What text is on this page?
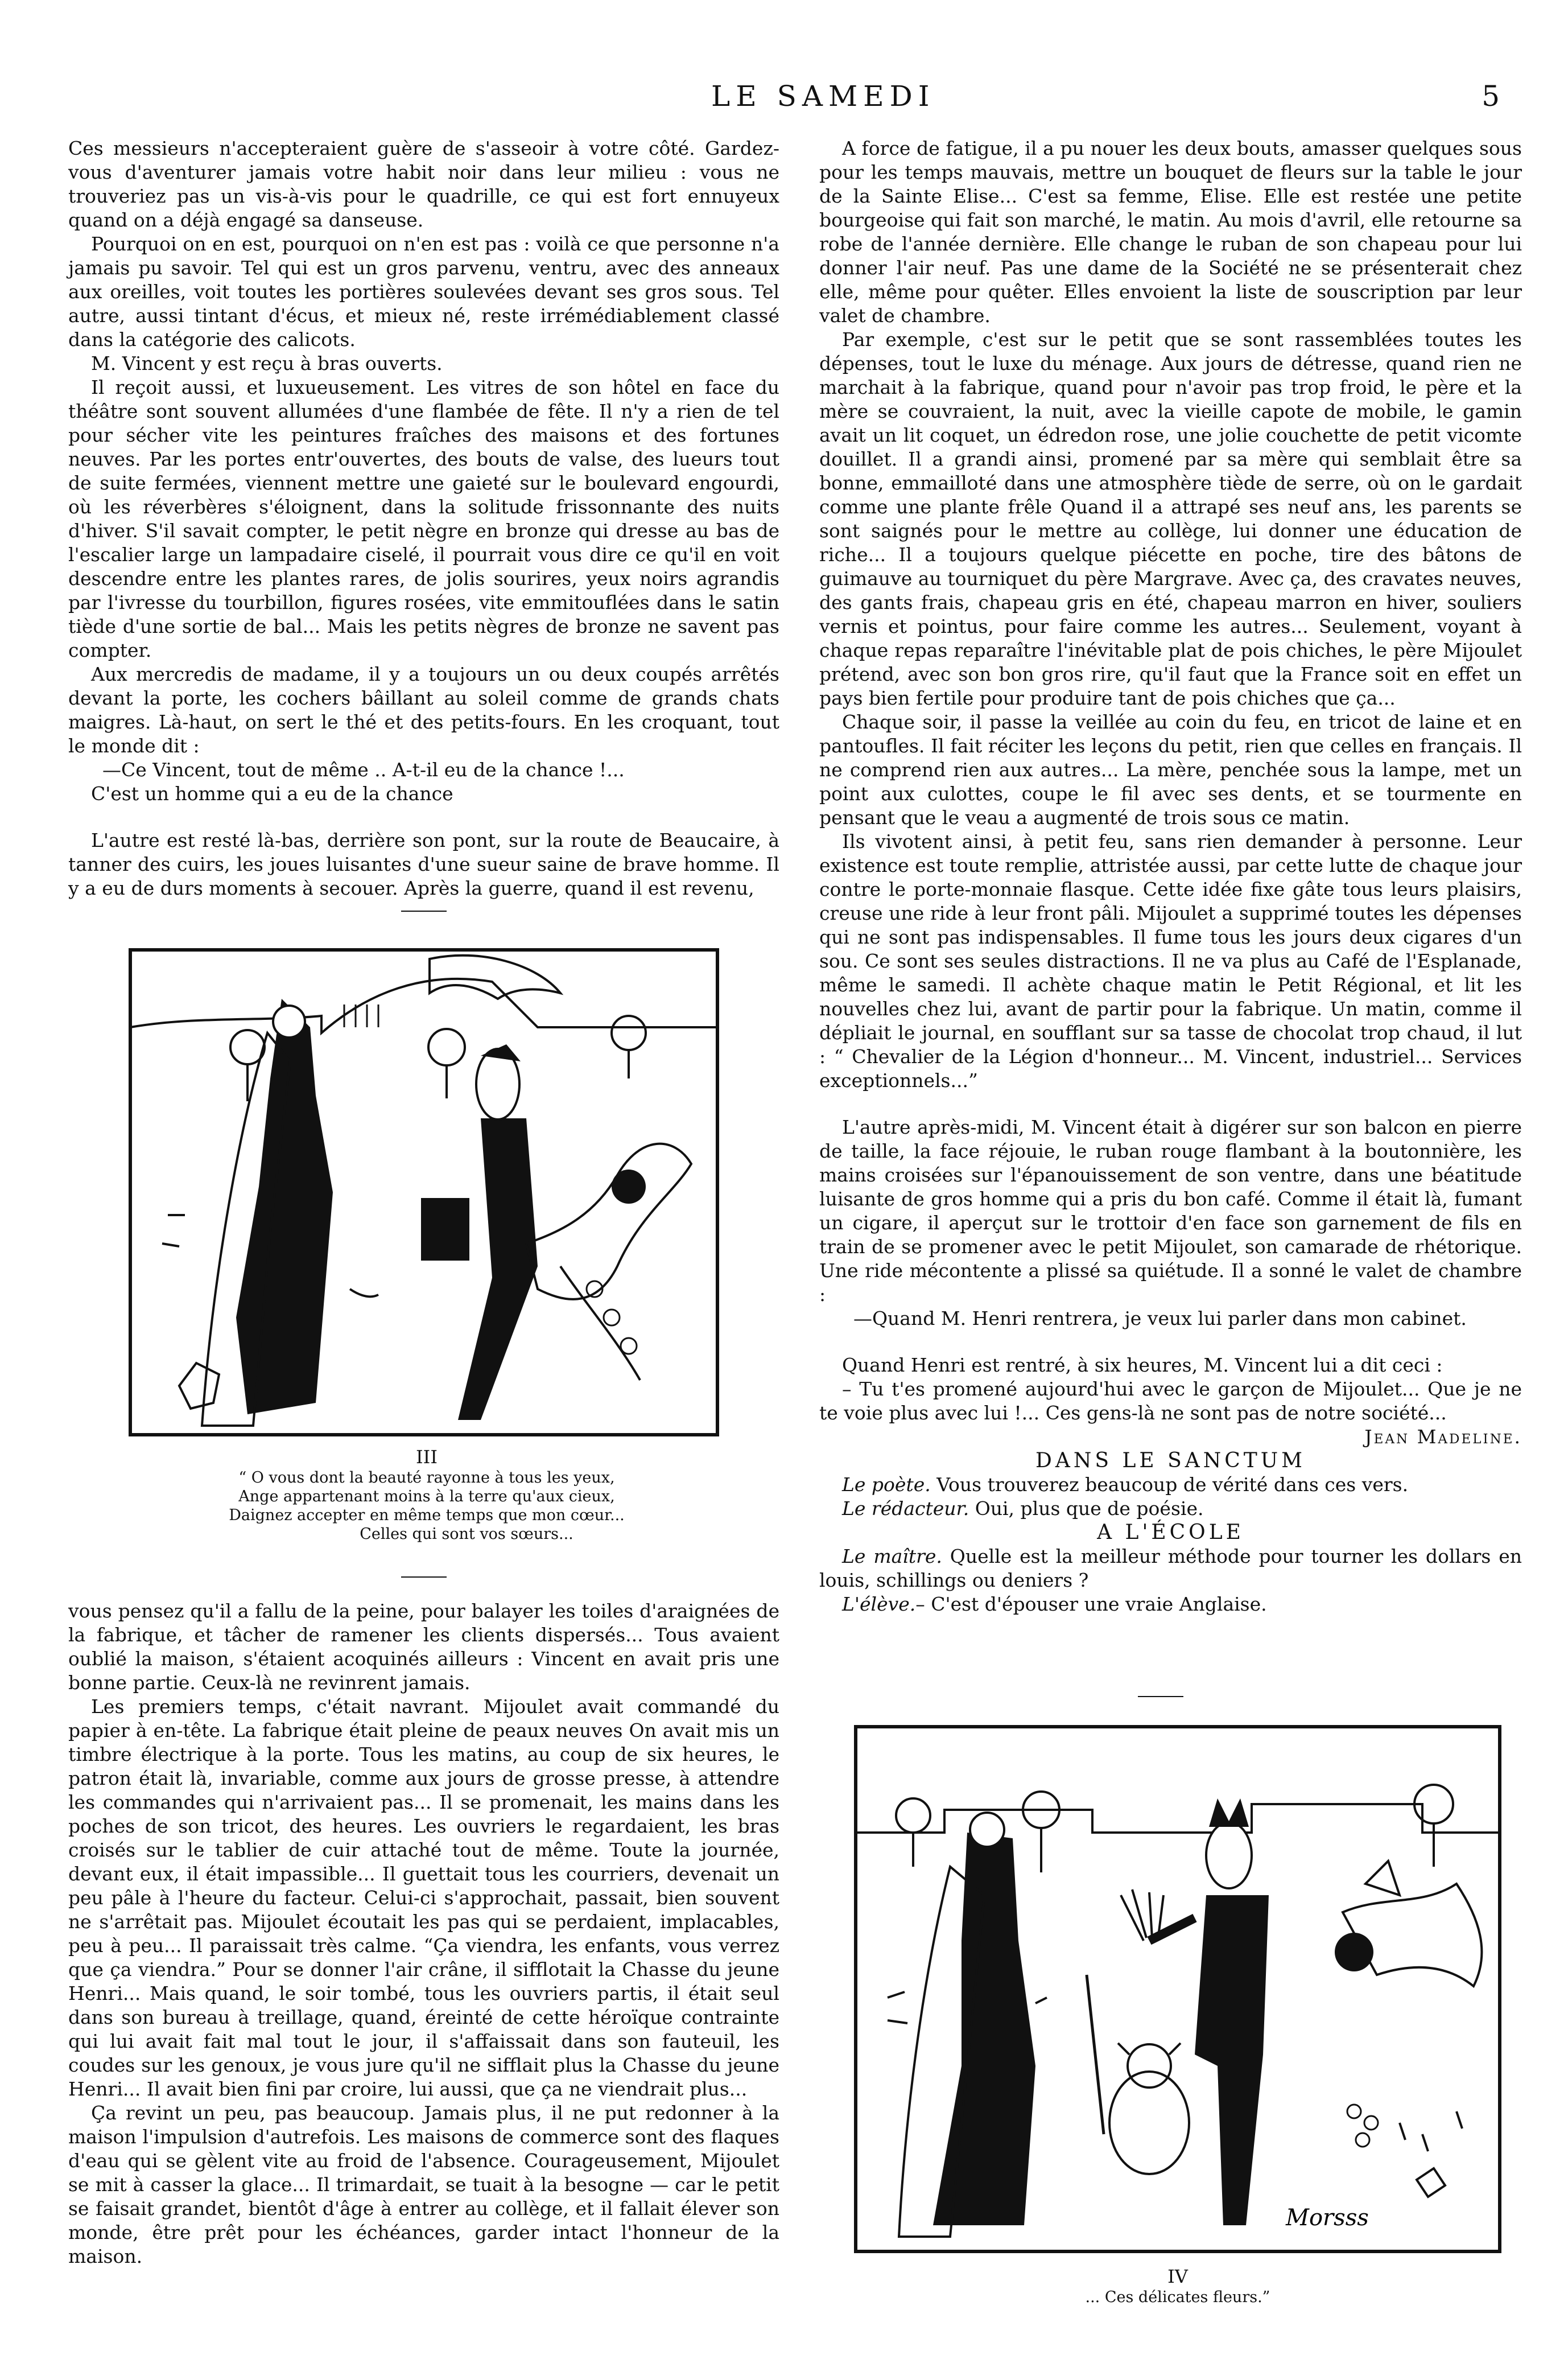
LE SAMEDI	5

Ces messieurs n'accepteraient guère de s'asseoir à votre côté. Gardez-vous d'aventurer jamais votre habit noir dans leur milieu : vous ne trouveriez pas un vis-à-vis pour le quadrille, ce qui est fort ennuyeux quand on a déjà engagé sa danseuse.

Pourquoi on en est, pourquoi on n'en est pas : voilà ce que personne n'a jamais pu savoir. Tel qui est un gros parvenu, ventru, avec des anneaux aux oreilles, voit toutes les portières soulevées devant ses gros sous. Tel autre, aussi tintant d'écus, et mieux né, reste irrémédiablement classé dans la catégorie des calicots.

M. Vincent y est reçu à bras ouverts.

Il reçoit aussi, et luxueusement. Les vitres de son hôtel en face du théâtre sont souvent allumées d'une flambée de fête. Il n'y a rien de tel pour sécher vite les peintures fraîches des maisons et des fortunes neuves. Par les portes entr'ouvertes, des bouts de valse, des lueurs tout de suite fermées, viennent mettre une gaieté sur le boulevard engourdi, où les réverbères s'éloignent, dans la solitude frissonnante des nuits d'hiver. S'il savait compter, le petit nègre en bronze qui dresse au bas de l'escalier large un lampadaire ciselé, il pourrait vous dire ce qu'il en voit descendre entre les plantes rares, de jolis sourires, yeux noirs agrandis par l'ivresse du tourbillon, figures rosées, vite emmitouflées dans le satin tiède d'une sortie de bal... Mais les petits nègres de bronze ne savent pas compter.

Aux mercredis de madame, il y a toujours un ou deux coupés arrêtés devant la porte, les cochers bâillant au soleil comme de grands chats maigres. Là-haut, on sert le thé et des petits-fours. En les croquant, tout le monde dit :

—Ce Vincent, tout de même .. A-t-il eu de la chance !...

C'est un homme qui a eu de la chance

L'autre est resté là-bas, derrière son pont, sur la route de Beaucaire, à tanner des cuirs, les joues luisantes d'une sueur saine de brave homme. Il y a eu de durs moments à secouer. Après la guerre, quand il est revenu,

III
“ O vous dont la beauté rayonne à tous les yeux,
Ange appartenant moins à la terre qu'aux cieux,
Daignez accepter en même temps que mon cœur...
Celles qui sont vos sœurs...

vous pensez qu'il a fallu de la peine, pour balayer les toiles d'araignées de la fabrique, et tâcher de ramener les clients dispersés... Tous avaient oublié la maison, s'étaient acoquinés ailleurs : Vincent en avait pris une bonne partie. Ceux-là ne revinrent jamais.

Les premiers temps, c'était navrant. Mijoulet avait commandé du papier à en-tête. La fabrique était pleine de peaux neuves On avait mis un timbre électrique à la porte. Tous les matins, au coup de six heures, le patron était là, invariable, comme aux jours de grosse presse, à attendre les commandes qui n'arrivaient pas... Il se promenait, les mains dans les poches de son tricot, des heures. Les ouvriers le regardaient, les bras croisés sur le tablier de cuir attaché tout de même. Toute la journée, devant eux, il était impassible... Il guettait tous les courriers, devenait un peu pâle à l'heure du facteur. Celui-ci s'approchait, passait, bien souvent ne s'arrêtait pas. Mijoulet écoutait les pas qui se perdaient, implacables, peu à peu... Il paraissait très calme. “Ça viendra, les enfants, vous verrez que ça viendra.” Pour se donner l'air crâne, il sifflotait la Chasse du jeune Henri... Mais quand, le soir tombé, tous les ouvriers partis, il était seul dans son bureau à treillage, quand, éreinté de cette héroïque contrainte qui lui avait fait mal tout le jour, il s'affaissait dans son fauteuil, les coudes sur les genoux, je vous jure qu'il ne sifflait plus la Chasse du jeune Henri... Il avait bien fini par croire, lui aussi, que ça ne viendrait plus...

Ça revint un peu, pas beaucoup. Jamais plus, il ne put redonner à la maison l'impulsion d'autrefois. Les maisons de commerce sont des flaques d'eau qui se gèlent vite au froid de l'absence. Courageusement, Mijoulet se mit à casser la glace... Il trimardait, se tuait à la besogne — car le petit se faisait grandet, bientôt d'âge à entrer au collège, et il fallait élever son monde, être prêt pour les échéances, garder intact l'honneur de la maison.

A force de fatigue, il a pu nouer les deux bouts, amasser quelques sous pour les temps mauvais, mettre un bouquet de fleurs sur la table le jour de la Sainte Elise... C'est sa femme, Elise. Elle est restée une petite bourgeoise qui fait son marché, le matin. Au mois d'avril, elle retourne sa robe de l'année dernière. Elle change le ruban de son chapeau pour lui donner l'air neuf. Pas une dame de la Société ne se présenterait chez elle, même pour quêter. Elles envoient la liste de souscription par leur valet de chambre.

Par exemple, c'est sur le petit que se sont rassemblées toutes les dépenses, tout le luxe du ménage. Aux jours de détresse, quand rien ne marchait à la fabrique, quand pour n'avoir pas trop froid, le père et la mère se couvraient, la nuit, avec la vieille capote de mobile, le gamin avait un lit coquet, un édredon rose, une jolie couchette de petit vicomte douillet. Il a grandi ainsi, promené par sa mère qui semblait être sa bonne, emmailloté dans une atmosphère tiède de serre, où on le gardait comme une plante frêle Quand il a attrapé ses neuf ans, les parents se sont saignés pour le mettre au collège, lui donner une éducation de riche... Il a toujours quelque piécette en poche, tire des bâtons de guimauve au tourniquet du père Margrave. Avec ça, des cravates neuves, des gants frais, chapeau gris en été, chapeau marron en hiver, souliers vernis et pointus, pour faire comme les autres... Seulement, voyant à chaque repas reparaître l'inévitable plat de pois chiches, le père Mijoulet prétend, avec son bon gros rire, qu'il faut que la France soit en effet un pays bien fertile pour produire tant de pois chiches que ça...

Chaque soir, il passe la veillée au coin du feu, en tricot de laine et en pantoufles. Il fait réciter les leçons du petit, rien que celles en français. Il ne comprend rien aux autres... La mère, penchée sous la lampe, met un point aux culottes, coupe le fil avec ses dents, et se tourmente en pensant que le veau a augmenté de trois sous ce matin.

Ils vivotent ainsi, à petit feu, sans rien demander à personne. Leur existence est toute remplie, attristée aussi, par cette lutte de chaque jour contre le porte-monnaie flasque. Cette idée fixe gâte tous leurs plaisirs, creuse une ride à leur front pâli. Mijoulet a supprimé toutes les dépenses qui ne sont pas indispensables. Il fume tous les jours deux cigares d'un sou. Ce sont ses seules distractions. Il ne va plus au Café de l'Esplanade, même le samedi. Il achète chaque matin le Petit Régional, et lit les nouvelles chez lui, avant de partir pour la fabrique. Un matin, comme il dépliait le journal, en soufflant sur sa tasse de chocolat trop chaud, il lut : “ Chevalier de la Légion d'honneur... M. Vincent, industriel... Services exceptionnels...”

L'autre après-midi, M. Vincent était à digérer sur son balcon en pierre de taille, la face réjouie, le ruban rouge flambant à la boutonnière, les mains croisées sur l'épanouissement de son ventre, dans une béatitude luisante de gros homme qui a pris du bon café. Comme il était là, fumant un cigare, il aperçut sur le trottoir d'en face son garnement de fils en train de se promener avec le petit Mijoulet, son camarade de rhétorique. Une ride mécontente a plissé sa quiétude. Il a sonné le valet de chambre :

—Quand M. Henri rentrera, je veux lui parler dans mon cabinet.

Quand Henri est rentré, à six heures, M. Vincent lui a dit ceci :

– Tu t'es promené aujourd'hui avec le garçon de Mijoulet... Que je ne te voie plus avec lui !... Ces gens-là ne sont pas de notre société...

Jean Madeline.

DANS LE SANCTUM

Le poète. Vous trouverez beaucoup de vérité dans ces vers.

Le rédacteur. Oui, plus que de poésie.

A L'ÉCOLE

Le maître. Quelle est la meilleur méthode pour tourner les dollars en louis, schillings ou deniers ?

L'élève.– C'est d'épouser une vraie Anglaise.

Morsss
IV
... Ces délicates fleurs.”
